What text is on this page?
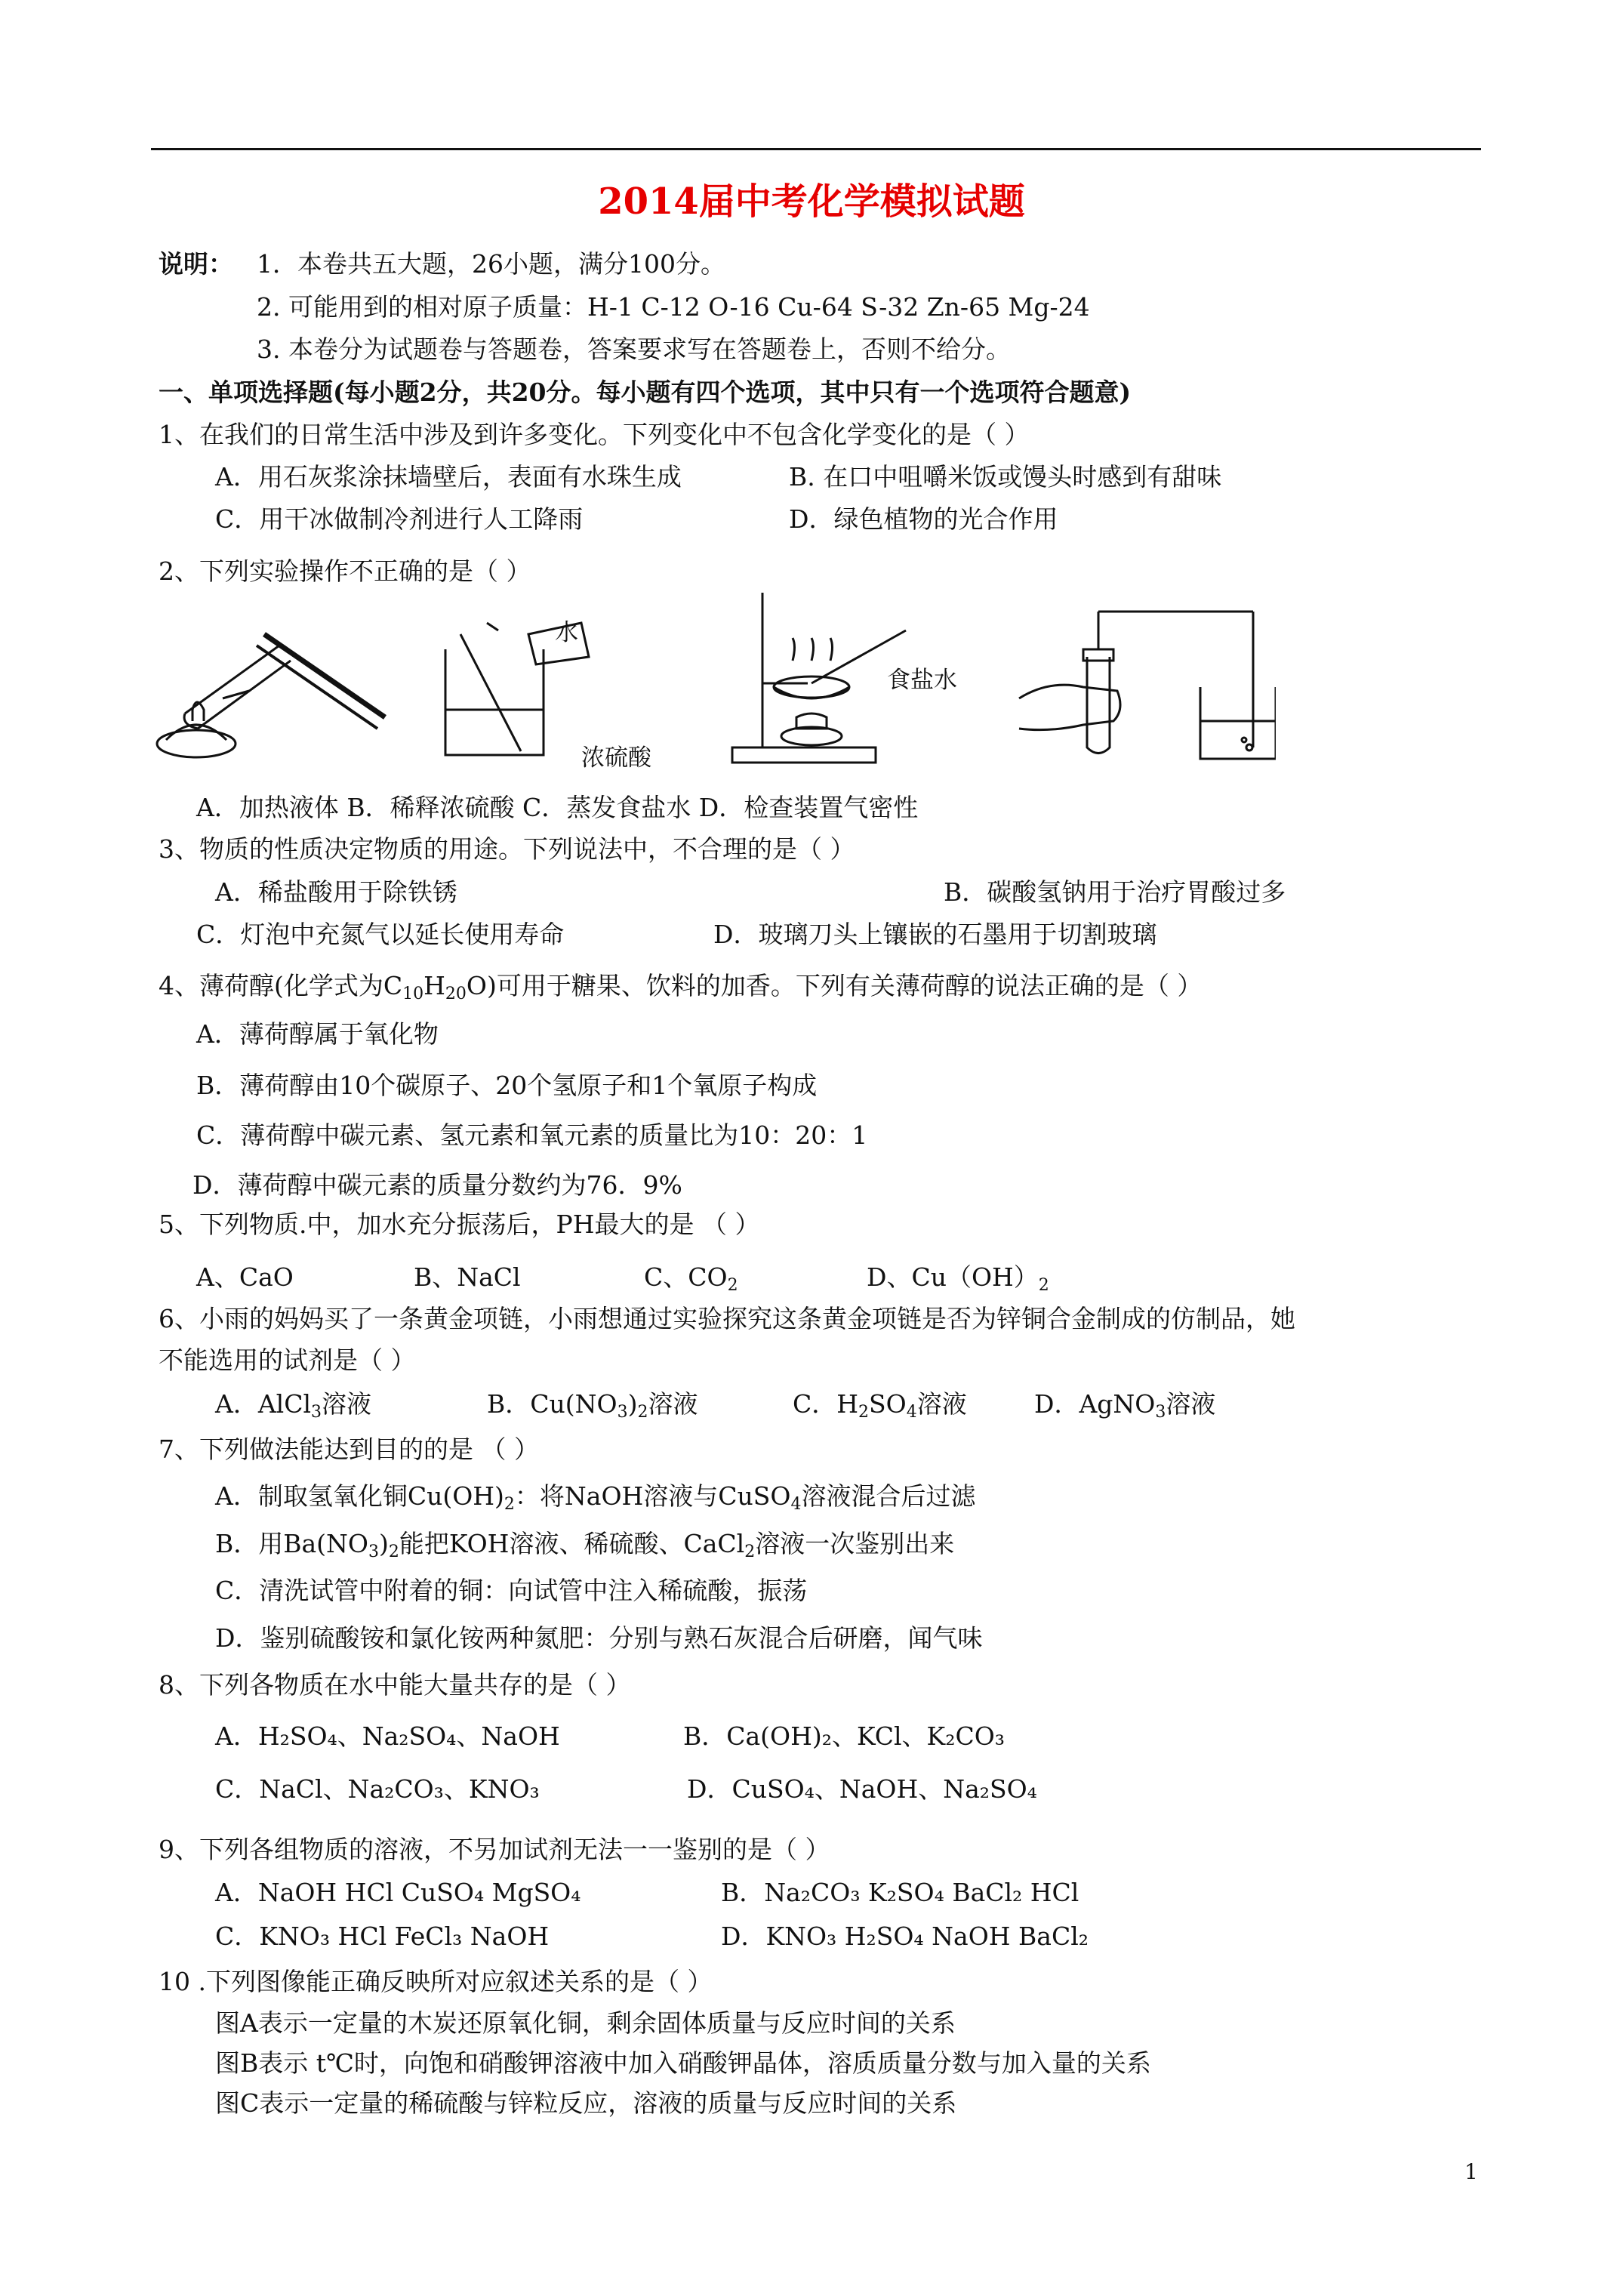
2014届中考化学模拟试题
说明： 1．本卷共五大题，26小题，满分100分。
2. 可能用到的相对原子质量：H-1 C-12 O-16 Cu-64 S-32 Zn-65 Mg-24
3. 本卷分为试题卷与答题卷，答案要求写在答题卷上，否则不给分。
一、单项选择题(每小题2分，共20分。每小题有四个选项，其中只有一个选项符合题意)
1、在我们的日常生活中涉及到许多变化。下列变化中不包含化学变化的是（ ）
A．用石灰浆涂抹墙壁后，表面有水珠生成	B. 在口中咀嚼米饭或馒头时感到有甜味
C．用干冰做制冷剂进行人工降雨	D．绿色植物的光合作用
2、下列实验操作不正确的是（ ）
水
浓硫酸
食盐水
A．加热液体 B．稀释浓硫酸 C．蒸发食盐水 D．检查装置气密性
3、物质的性质决定物质的用途。下列说法中，不合理的是（ ）
A．稀盐酸用于除铁锈	B．碳酸氢钠用于治疗胃酸过多
C．灯泡中充氮气以延长使用寿命	D．玻璃刀头上镶嵌的石墨用于切割玻璃
4、薄荷醇(化学式为$C_{10}H_{20}O$)可用于糖果、饮料的加香。下列有关薄荷醇的说法正确的是（ ）
A．薄荷醇属于氧化物
B．薄荷醇由10个碳原子、20个氢原子和1个氧原子构成
C．薄荷醇中碳元素、氢元素和氧元素的质量比为10：20：1
D．薄荷醇中碳元素的质量分数约为76．9%
5、下列物质.中，加水充分振荡后，PH最大的是 （ ）
A、CaO	B、NaCl	C、$CO_2$	D、$Cu(OH)_2$
6、小雨的妈妈买了一条黄金项链，小雨想通过实验探究这条黄金项链是否为锌铜合金制成的仿制品，她
不能选用的试剂是（ ）
A．AlCl$_3$溶液	B．$Cu(NO_3)_2$溶液	C．$H_2SO_4$溶液	D．AgNO$_3$溶液
7、下列做法能达到目的的是 （ ）
A．制取氢氧化铜$Cu(OH)_2$：将NaOH溶液与CuSO$_4$溶液混合后过滤
B．用$Ba(NO_3)_2$能把KOH溶液、稀硫酸、CaCl$_2$溶液一次鉴别出来
C．清洗试管中附着的铜：向试管中注入稀硫酸，振荡
D．鉴别硫酸铵和氯化铵两种氮肥：分别与熟石灰混合后研磨，闻气味
8、下列各物质在水中能大量共存的是（ ）
A．H₂SO₄、Na₂SO₄、NaOH	B．Ca(OH)₂、KCl、K₂CO₃
C．NaCl、Na₂CO₃、KNO₃	D．CuSO₄、NaOH、Na₂SO₄
9、下列各组物质的溶液，不另加试剂无法一一鉴别的是（ ）
A．NaOH HCl CuSO₄ MgSO₄	B．Na₂CO₃ K₂SO₄ BaCl₂ HCl
C．KNO₃ HCl FeCl₃ NaOH	D．KNO₃ H₂SO₄ NaOH BaCl₂
10 .下列图像能正确反映所对应叙述关系的是（ ）
图A表示一定量的木炭还原氧化铜，剩余固体质量与反应时间的关系
图B表示 t℃时，向饱和硝酸钾溶液中加入硝酸钾晶体，溶质质量分数与加入量的关系
图C表示一定量的稀硫酸与锌粒反应，溶液的质量与反应时间的关系
1
